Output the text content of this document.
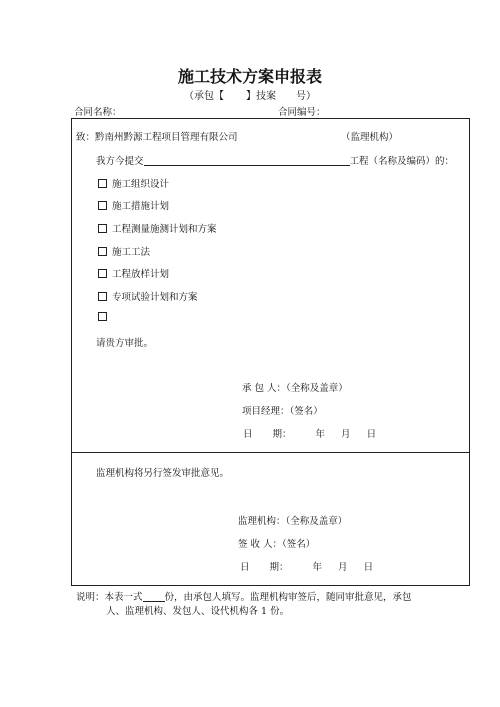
施工技术方案申报表
（承包【 】技案 号）
合同名称：	合同编号：
致：黔南州黔源工程项目管理有限公司	（监理机构）
我方今提交	工程（名称及编码）的：
施工组织设计
施工措施计划
工程测量施测计划和方案
施工工法
工程放样计划
专项试验计划和方案
请贵方审批。
承 包 人：（全称及盖章）
项目经理：（签名）
日 期：	年 月 日
监理机构将另行签发审批意见。
监理机构：（全称及盖章）
签 收 人：（签名）
日 期：	年 月 日
说明：本表一式 份，由承包人填写。监理机构审签后，随同审批意见，承包
人、监理机构、发包人、设代机构各 1 份。
